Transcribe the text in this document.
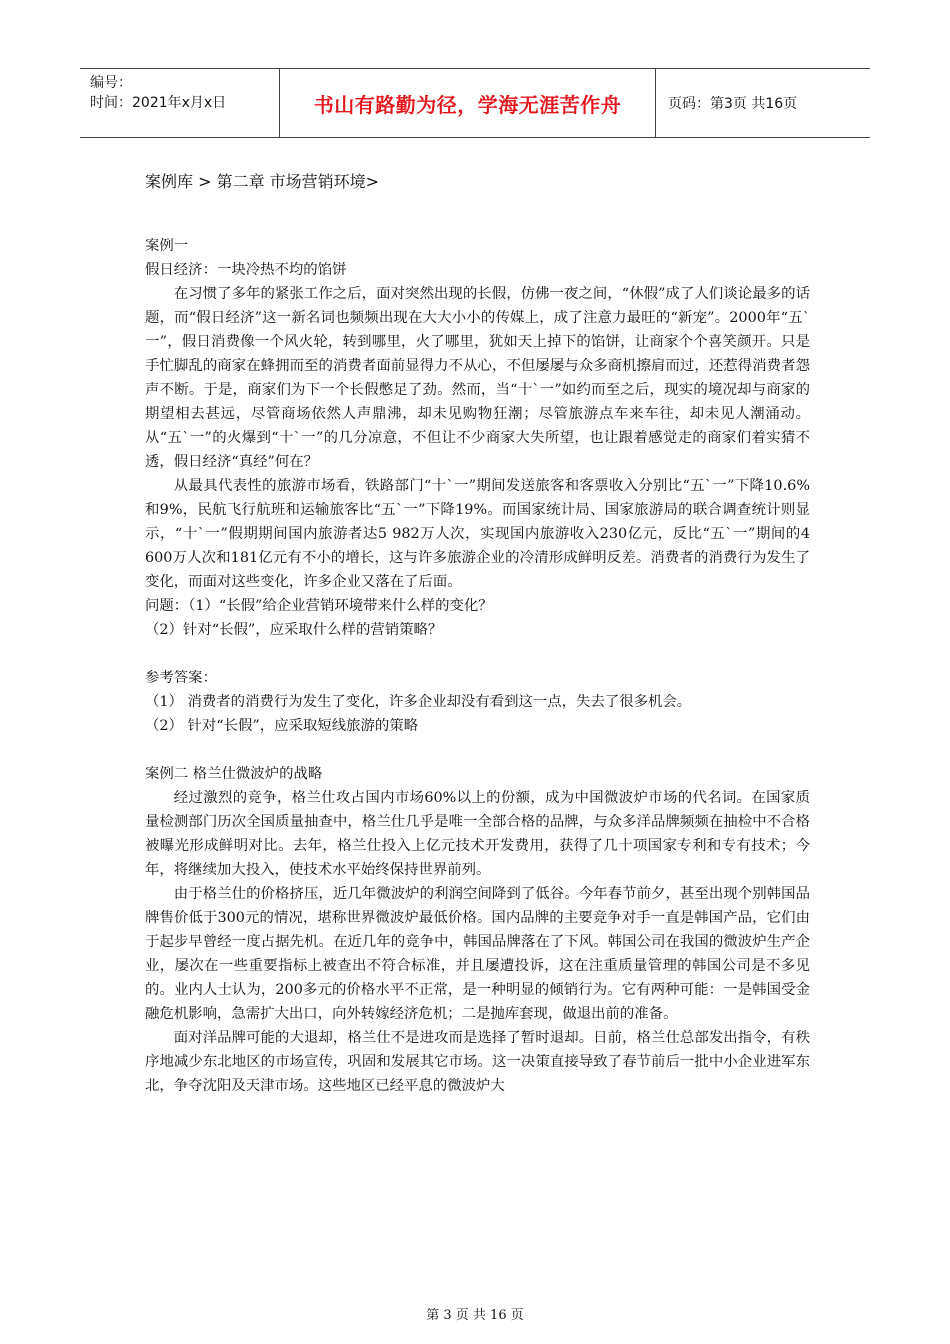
编号：
时间：2021年x月x日	书山有路勤为径，学海无涯苦作舟	页码：第3页 共16页
案例库 > 第二章 市场营销环境>

案例一

假日经济：一块冷热不均的馅饼

在习惯了多年的紧张工作之后，面对突然出现的长假，仿佛一夜之间，“休假”成了人们谈论最多的话题，而“假日经济”这一新名词也频频出现在大大小小的传媒上，成了注意力最旺的“新宠”。2000年“五`一”，假日消费像一个风火轮，转到哪里，火了哪里，犹如天上掉下的馅饼，让商家个个喜笑颜开。只是手忙脚乱的商家在蜂拥而至的消费者面前显得力不从心，不但屡屡与众多商机擦肩而过，还惹得消费者怨声不断。于是，商家们为下一个长假憋足了劲。然而，当“十`一”如约而至之后，现实的境况却与商家的期望相去甚远，尽管商场依然人声鼎沸，却未见购物狂潮；尽管旅游点车来车往，却未见人潮涌动。从“五`一”的火爆到“十`一”的几分凉意，不但让不少商家大失所望，也让跟着感觉走的商家们着实猜不透，假日经济“真经”何在？

从最具代表性的旅游市场看，铁路部门“十`一”期间发送旅客和客票收入分别比“五`一”下降10.6%和9%，民航飞行航班和运输旅客比“五`一”下降19%。而国家统计局、国家旅游局的联合调查统计则显示，“十`一”假期期间国内旅游者达5 982万人次，实现国内旅游收入230亿元，反比“五`一”期间的4 600万人次和181亿元有不小的增长，这与许多旅游企业的冷清形成鲜明反差。消费者的消费行为发生了变化，而面对这些变化，许多企业又落在了后面。

问题：（1）“长假”给企业营销环境带来什么样的变化？

（2）针对“长假”，应采取什么样的营销策略？

参考答案：

（1） 消费者的消费行为发生了变化，许多企业却没有看到这一点，失去了很多机会。

（2） 针对“长假”，应采取短线旅游的策略

案例二 格兰仕微波炉的战略

经过激烈的竞争，格兰仕攻占国内市场60%以上的份额，成为中国微波炉市场的代名词。在国家质量检测部门历次全国质量抽查中，格兰仕几乎是唯一全部合格的品牌，与众多洋品牌频频在抽检中不合格被曝光形成鲜明对比。去年，格兰仕投入上亿元技术开发费用，获得了几十项国家专利和专有技术；今年，将继续加大投入，使技术水平始终保持世界前列。

由于格兰仕的价格挤压，近几年微波炉的利润空间降到了低谷。今年春节前夕，甚至出现个别韩国品牌售价低于300元的情况，堪称世界微波炉最低价格。国内品牌的主要竞争对手一直是韩国产品，它们由于起步早曾经一度占据先机。在近几年的竞争中，韩国品牌落在了下风。韩国公司在我国的微波炉生产企业，屡次在一些重要指标上被查出不符合标准，并且屡遭投诉，这在注重质量管理的韩国公司是不多见的。业内人士认为，200多元的价格水平不正常，是一种明显的倾销行为。它有两种可能：一是韩国受金融危机影响，急需扩大出口，向外转嫁经济危机；二是抛库套现，做退出前的准备。

面对洋品牌可能的大退却，格兰仕不是进攻而是选择了暂时退却。日前，格兰仕总部发出指令，有秩序地减少东北地区的市场宣传，巩固和发展其它市场。这一决策直接导致了春节前后一批中小企业进军东北，争夺沈阳及天津市场。这些地区已经平息的微波炉大

第 3 页 共 16 页
